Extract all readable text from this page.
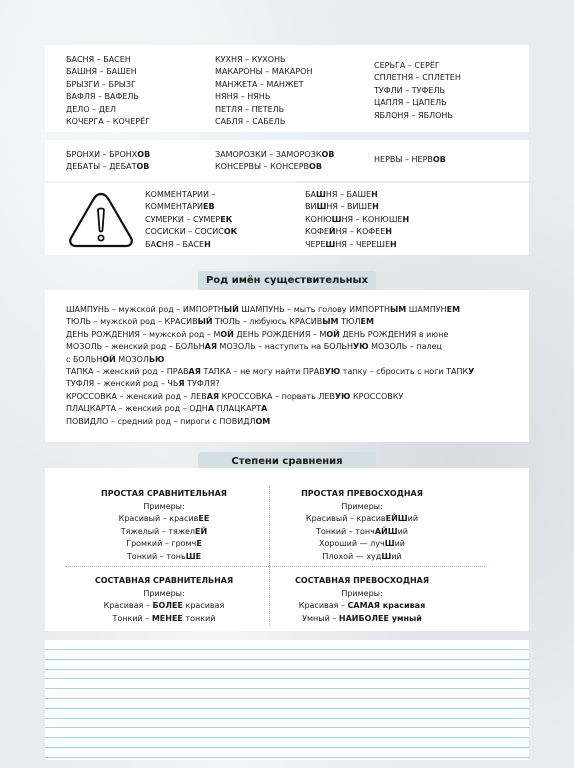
БАСНЯ – БАСЕН
БАШНЯ – БАШЕН
БРЫЗГИ – БРЫЗГ
ВАФЛЯ – ВАФЕЛЬ
ДЕЛО – ДЕЛ
КОЧЕРГА – КОЧЕРЁГ
КУХНЯ – КУХОНЬ
МАКАРОНЫ – МАКАРОН
МАНЖЕТА – МАНЖЕТ
НЯНЯ – НЯНЬ
ПЕТЛЯ – ПЕТЕЛЬ
САБЛЯ – САБЕЛЬ
СЕРЬГА – СЕРЁГ
СПЛЕТНЯ – СПЛЕТЕН
ТУФЛИ – ТУФЕЛЬ
ЦАПЛЯ – ЦАПЕЛЬ
ЯБЛОНЯ – ЯБЛОНЬ
БРОНХИ – БРОНХОВ
ДЕБАТЫ – ДЕБАТОВ
ЗАМОРОЗКИ – ЗАМОРОЗКОВ
КОНСЕРВЫ – КОНСЕРВОВ
НЕРВЫ – НЕРВОВ
КОММЕНТАРИИ –
КОММЕНТАРИЕВ
СУМЕРКИ – СУМЕРЕК
СОСИСКИ – СОСИСОК
БАСНЯ – БАСЕН
БАШНЯ – БАШЕН
ВИШНЯ – ВИШЕН
КОНЮШНЯ – КОНЮШЕН
КОФЕЙНЯ – КОФЕЕН
ЧЕРЕШНЯ – ЧЕРЕШЕН
Род имён существительных
ШАМПУНЬ – мужской род – ИМПОРТНЫЙ ШАМПУНЬ – мыть голову ИМПОРТНЫМ ШАМПУНЕМ
ТЮЛЬ – мужской род – КРАСИВЫЙ ТЮЛЬ – любуюсь КРАСИВЫМ ТЮЛЕМ
ДЕНЬ РОЖДЕНИЯ – мужской род – МОЙ ДЕНЬ РОЖДЕНИЯ – МОЙ ДЕНЬ РОЖДЕНИЯ в июне
МОЗОЛЬ – женский род – БОЛЬНАЯ МОЗОЛЬ – наступить на БОЛЬНУЮ МОЗОЛЬ – палец
с БОЛЬНОЙ МОЗОЛЬЮ
ТАПКА – женский род – ПРАВАЯ ТАПКА – не могу найти ПРАВУЮ тапку – сбросить с ноги ТАПКУ
ТУФЛЯ – женский род – ЧЬЯ ТУФЛЯ?
КРОССОВКА – женский род – ЛЕВАЯ КРОССОВКА – порвать ЛЕВУЮ КРОССОВКУ
ПЛАЦКАРТА – женский род – ОДНА ПЛАЦКАРТА
ПОВИДЛО – средний род – пироги с ПОВИДЛОМ
Степени сравнения
ПРОСТАЯ СРАВНИТЕЛЬНАЯ
Примеры:
Красивый – красивЕЕ
Тяжелый – тяжелЕЙ
Громкий – громчЕ
Тонкий – тоньШЕ
ПРОСТАЯ ПРЕВОСХОДНАЯ
Примеры:
Красивый – красивЕЙШий
Тонкий – тончАЙШий
Хороший — лучШий
Плохой — худШий
СОСТАВНАЯ СРАВНИТЕЛЬНАЯ
Примеры:
Красивая – БОЛЕЕ красивая
Тонкий – МЕНЕЕ тонкий
СОСТАВНАЯ ПРЕВОСХОДНАЯ
Примеры:
Красивая – САМАЯ красивая
Умный – НАИБОЛЕЕ умный
